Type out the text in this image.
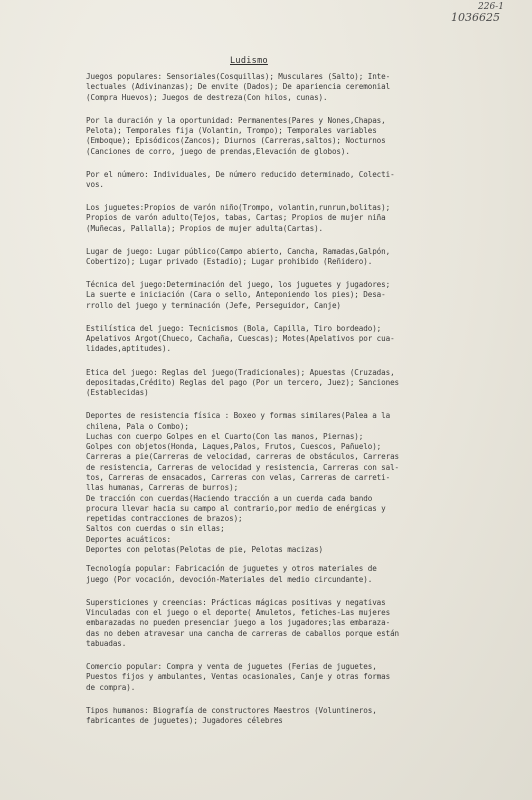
226-1
1036625
Ludismo
Juegos populares: Sensoriales(Cosquillas); Musculares (Salto); Inte-
lectuales (Adivinanzas); De envite (Dados); De apariencia ceremonial
(Compra Huevos); Juegos de destreza(Con hilos, cunas).
Por la duración y la oportunidad: Permanentes(Pares y Nones,Chapas,
Pelota); Temporales fija (Volantin, Trompo); Temporales variables
(Emboque); Episódicos(Zancos); Diurnos (Carreras,saltos); Nocturnos
(Canciones de corro, juego de prendas,Elevación de globos).
Por el número: Individuales, De número reducido determinado, Colecti-
vos.
Los juguetes:Propios de varón niño(Trompo, volantin,runrun,bolitas);
Propios de varón adulto(Tejos, tabas, Cartas; Propios de mujer niña
(Muñecas, Pallalla); Propios de mujer adulta(Cartas).
Lugar de juego: Lugar público(Campo abierto, Cancha, Ramadas,Galpón,
Cobertizo); Lugar privado (Estadio); Lugar prohibido (Reñidero).
Técnica del juego:Determinación del juego, los juguetes y jugadores;
La suerte e iniciación (Cara o sello, Anteponiendo los pies); Desa-
rrollo del juego y terminación (Jefe, Perseguidor, Canje)
Estilística del juego: Tecnicismos (Bola, Capilla, Tiro bordeado);
Apelativos Argot(Chueco, Cachaña, Cuescas); Motes(Apelativos por cua-
lidades,aptitudes).
Etica del juego: Reglas del juego(Tradicionales); Apuestas (Cruzadas,
depositadas,Crédito) Reglas del pago (Por un tercero, Juez); Sanciones
(Establecidas)
Deportes de resistencia física : Boxeo y formas similares(Palea a la
chilena, Pala o Combo);
Luchas con cuerpo Golpes en el Cuarto(Con las manos, Piernas);
Golpes con objetos(Honda, Laques,Palos, Frutos, Cuescos, Pañuelo);
Carreras a pie(Carreras de velocidad, carreras de obstáculos, Carreras
de resistencia, Carreras de velocidad y resistencia, Carreras con sal-
tos, Carreras de ensacados, Carreras con velas, Carreras de carreti-
llas humanas, Carreras de burros);
De tracción con cuerdas(Haciendo tracción a un cuerda cada bando
procura llevar hacia su campo al contrario,por medio de enérgicas y
repetidas contracciones de brazos);
Saltos con cuerdas o sin ellas;
Deportes acuáticos:
Deportes con pelotas(Pelotas de pie, Pelotas macizas)
Tecnología popular: Fabricación de juguetes y otros materiales de
juego (Por vocación, devoción-Materiales del medio circundante).
Supersticiones y creencias: Prácticas mágicas positivas y negativas
Vinculadas con el juego o el deporte( Amuletos, fetiches-Las mujeres
embarazadas no pueden presenciar juego a los jugadores;las embaraza-
das no deben atravesar una cancha de carreras de caballos porque están
tabuadas.
Comercio popular: Compra y venta de juguetes (Ferias de juguetes,
Puestos fijos y ambulantes, Ventas ocasionales, Canje y otras formas
de compra).
Tipos humanos: Biografía de constructores Maestros (Voluntineros,
fabricantes de juguetes); Jugadores célebres
